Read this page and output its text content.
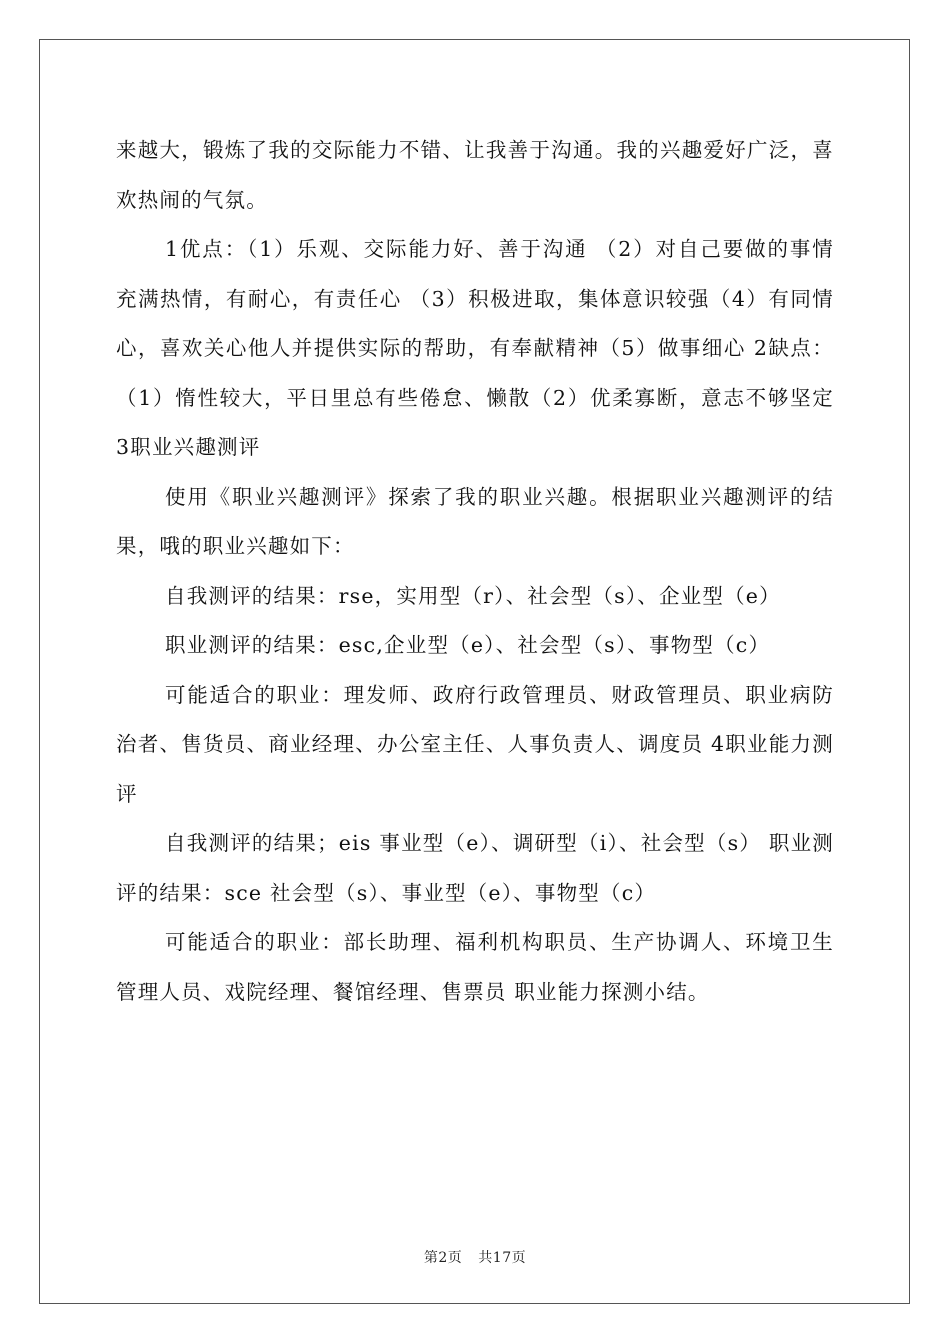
来越大，锻炼了我的交际能力不错、让我善于沟通。我的兴趣爱好广泛，喜欢热闹的气氛。

1优点：（1）乐观、交际能力好、善于沟通 （2）对自己要做的事情充满热情，有耐心，有责任心 （3）积极进取，集体意识较强（4）有同情心，喜欢关心他人并提供实际的帮助，有奉献精神（5）做事细心 2缺点：（1）惰性较大，平日里总有些倦怠、懒散（2）优柔寡断，意志不够坚定 3职业兴趣测评

使用《职业兴趣测评》探索了我的职业兴趣。根据职业兴趣测评的结果，哦的职业兴趣如下：

自我测评的结果：rse，实用型（r）、社会型（s）、企业型（e）

职业测评的结果：esc,企业型（e）、社会型（s）、事物型（c）

可能适合的职业：理发师、政府行政管理员、财政管理员、职业病防治者、售货员、商业经理、办公室主任、人事负责人、调度员 4职业能力测评

自我测评的结果；eis 事业型（e）、调研型（i）、社会型（s） 职业测评的结果：sce 社会型（s）、事业型（e）、事物型（c）

可能适合的职业：部长助理、福利机构职员、生产协调人、环境卫生管理人员、戏院经理、餐馆经理、售票员 职业能力探测小结。

第2页 共17页
